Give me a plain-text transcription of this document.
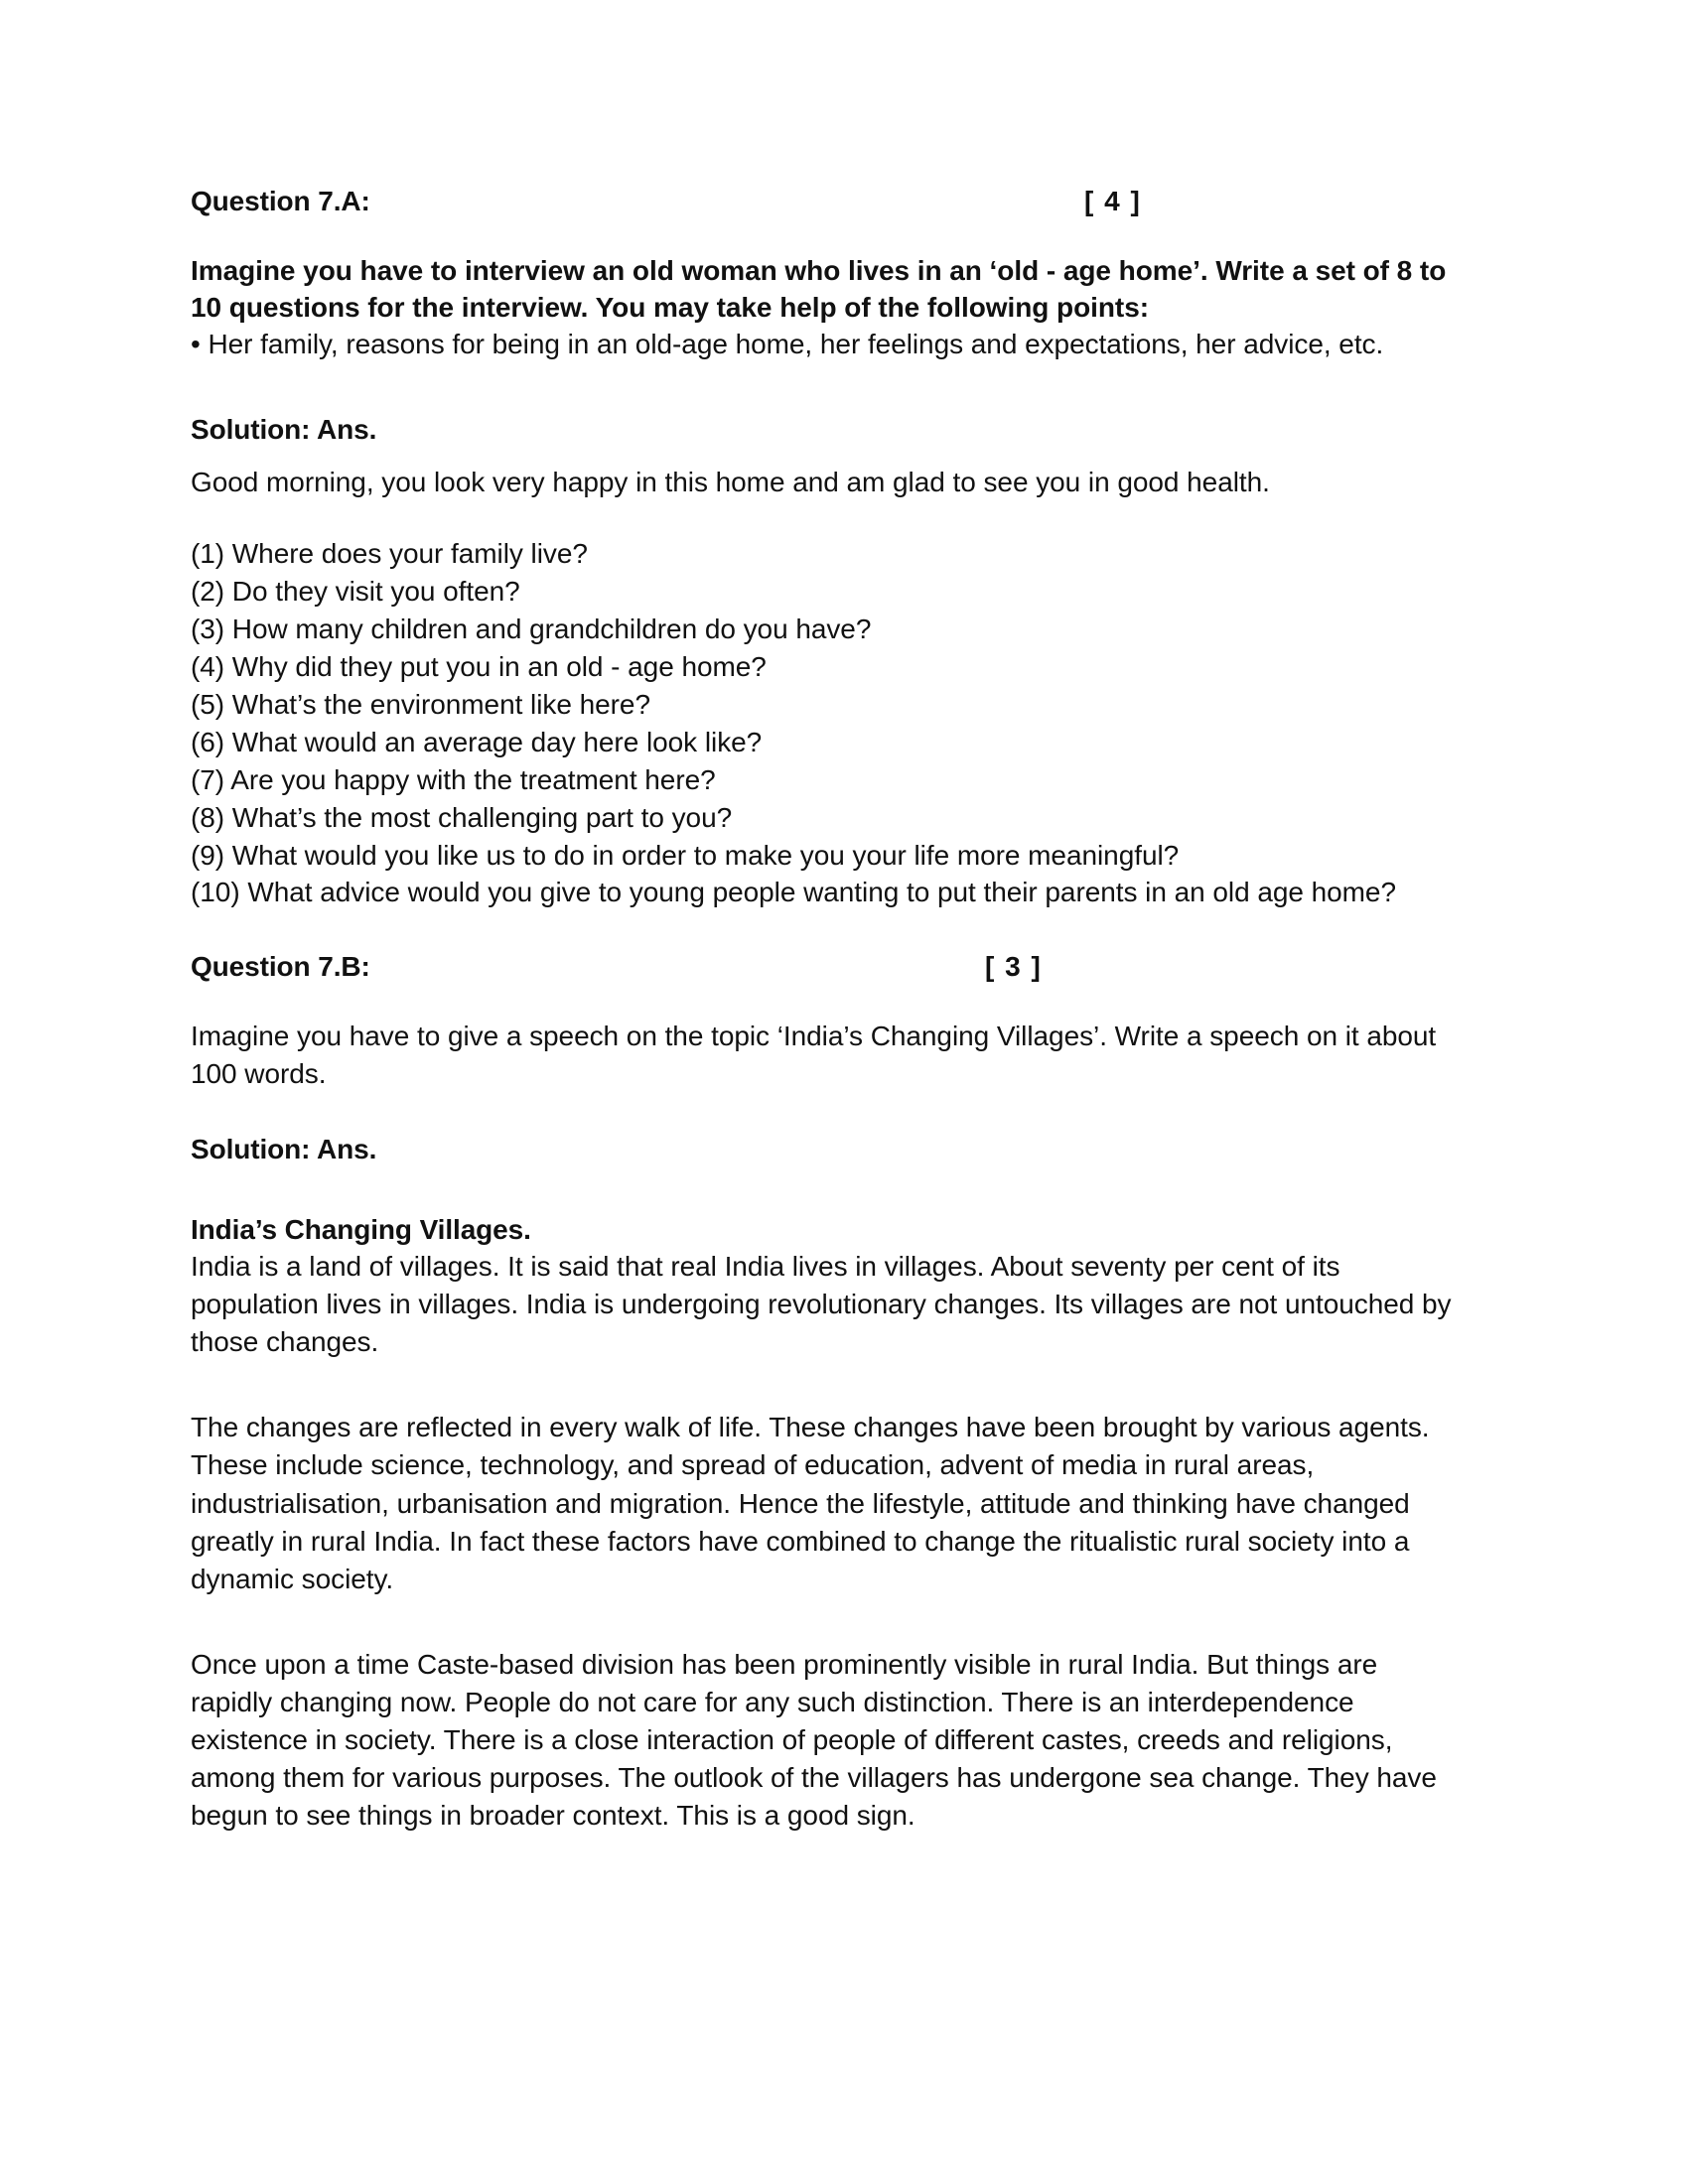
Question 7.A:	[ 4 ]

Imagine you have to interview an old woman who lives in an ‘old - age home’. Write a set of 8 to 10 questions for the interview. You may take help of the following points:

• Her family, reasons for being in an old-age home, her feelings and expectations, her advice, etc.

Solution: Ans.

Good morning, you look very happy in this home and am glad to see you in good health.

(1) Where does your family live?
(2) Do they visit you often?
(3) How many children and grandchildren do you have?
(4) Why did they put you in an old - age home?
(5) What’s the environment like here?
(6) What would an average day here look like?
(7) Are you happy with the treatment here?
(8) What’s the most challenging part to you?
(9) What would you like us to do in order to make you your life more meaningful?
(10) What advice would you give to young people wanting to put their parents in an old age home?
Question 7.B:	[ 3 ]

Imagine you have to give a speech on the topic ‘India’s Changing Villages’. Write a speech on it about 100 words.

Solution: Ans.

India’s Changing Villages.

India is a land of villages. It is said that real India lives in villages. About seventy per cent of its population lives in villages. India is undergoing revolutionary changes. Its villages are not untouched by those changes.

The changes are reflected in every walk of life. These changes have been brought by various agents. These include science, technology, and spread of education, advent of media in rural areas, industrialisation, urbanisation and migration. Hence the lifestyle, attitude and thinking have changed greatly in rural India. In fact these factors have combined to change the ritualistic rural society into a dynamic society.

Once upon a time Caste-based division has been prominently visible in rural India. But things are rapidly changing now. People do not care for any such distinction. There is an interdependence existence in society. There is a close interaction of people of different castes, creeds and religions, among them for various purposes. The outlook of the villagers has undergone sea change. They have begun to see things in broader context. This is a good sign.
